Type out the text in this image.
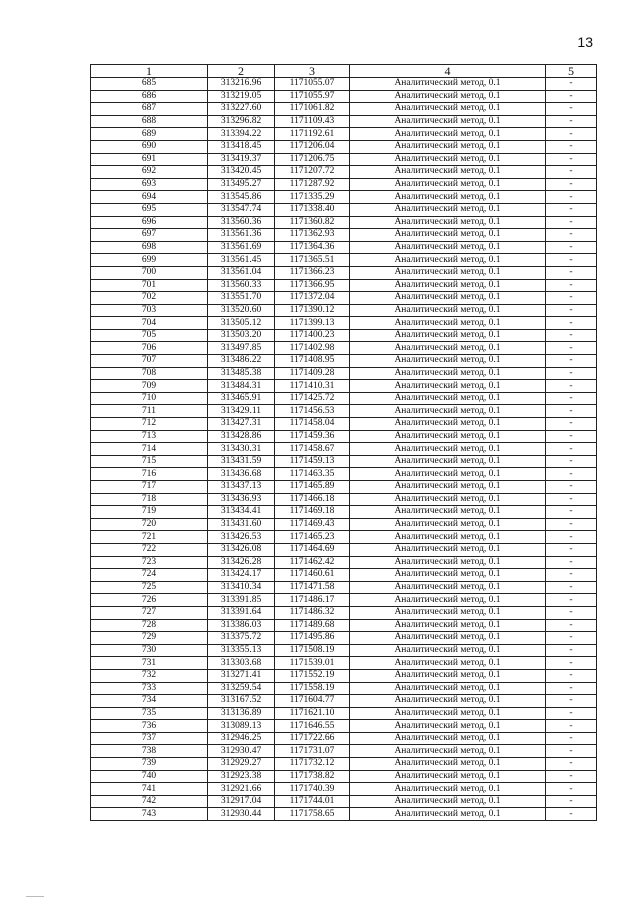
13
1	2	3	4	5
685	313216.96	1171055.07	Аналитический метод, 0.1	-
686	313219.05	1171055.97	Аналитический метод, 0.1	-
687	313227.60	1171061.82	Аналитический метод, 0.1	-
688	313296.82	1171109.43	Аналитический метод, 0.1	-
689	313394.22	1171192.61	Аналитический метод, 0.1	-
690	313418.45	1171206.04	Аналитический метод, 0.1	-
691	313419.37	1171206.75	Аналитический метод, 0.1	-
692	313420.45	1171207.72	Аналитический метод, 0.1	-
693	313495.27	1171287.92	Аналитический метод, 0.1	-
694	313545.86	1171335.29	Аналитический метод, 0.1	-
695	313547.74	1171338.40	Аналитический метод, 0.1	-
696	313560.36	1171360.82	Аналитический метод, 0.1	-
697	313561.36	1171362.93	Аналитический метод, 0.1	-
698	313561.69	1171364.36	Аналитический метод, 0.1	-
699	313561.45	1171365.51	Аналитический метод, 0.1	-
700	313561.04	1171366.23	Аналитический метод, 0.1	-
701	313560.33	1171366.95	Аналитический метод, 0.1	-
702	313551.70	1171372.04	Аналитический метод, 0.1	-
703	313520.60	1171390.12	Аналитический метод, 0.1	-
704	313505.12	1171399.13	Аналитический метод, 0.1	-
705	313503.20	1171400.23	Аналитический метод, 0.1	-
706	313497.85	1171402.98	Аналитический метод, 0.1	-
707	313486.22	1171408.95	Аналитический метод, 0.1	-
708	313485.38	1171409.28	Аналитический метод, 0.1	-
709	313484.31	1171410.31	Аналитический метод, 0.1	-
710	313465.91	1171425.72	Аналитический метод, 0.1	-
711	313429.11	1171456.53	Аналитический метод, 0.1	-
712	313427.31	1171458.04	Аналитический метод, 0.1	-
713	313428.86	1171459.36	Аналитический метод, 0.1	-
714	313430.31	1171458.67	Аналитический метод, 0.1	-
715	313431.59	1171459.13	Аналитический метод, 0.1	-
716	313436.68	1171463.35	Аналитический метод, 0.1	-
717	313437.13	1171465.89	Аналитический метод, 0.1	-
718	313436.93	1171466.18	Аналитический метод, 0.1	-
719	313434.41	1171469.18	Аналитический метод, 0.1	-
720	313431.60	1171469.43	Аналитический метод, 0.1	-
721	313426.53	1171465.23	Аналитический метод, 0.1	-
722	313426.08	1171464.69	Аналитический метод, 0.1	-
723	313426.28	1171462.42	Аналитический метод, 0.1	-
724	313424.17	1171460.61	Аналитический метод, 0.1	-
725	313410.34	1171471.58	Аналитический метод, 0.1	-
726	313391.85	1171486.17	Аналитический метод, 0.1	-
727	313391.64	1171486.32	Аналитический метод, 0.1	-
728	313386.03	1171489.68	Аналитический метод, 0.1	-
729	313375.72	1171495.86	Аналитический метод, 0.1	-
730	313355.13	1171508.19	Аналитический метод, 0.1	-
731	313303.68	1171539.01	Аналитический метод, 0.1	-
732	313271.41	1171552.19	Аналитический метод, 0.1	-
733	313259.54	1171558.19	Аналитический метод, 0.1	-
734	313167.52	1171604.77	Аналитический метод, 0.1	-
735	313136.89	1171621.10	Аналитический метод, 0.1	-
736	313089.13	1171646.55	Аналитический метод, 0.1	-
737	312946.25	1171722.66	Аналитический метод, 0.1	-
738	312930.47	1171731.07	Аналитический метод, 0.1	-
739	312929.27	1171732.12	Аналитический метод, 0.1	-
740	312923.38	1171738.82	Аналитический метод, 0.1	-
741	312921.66	1171740.39	Аналитический метод, 0.1	-
742	312917.04	1171744.01	Аналитический метод, 0.1	-
743	312930.44	1171758.65	Аналитический метод, 0.1	-
